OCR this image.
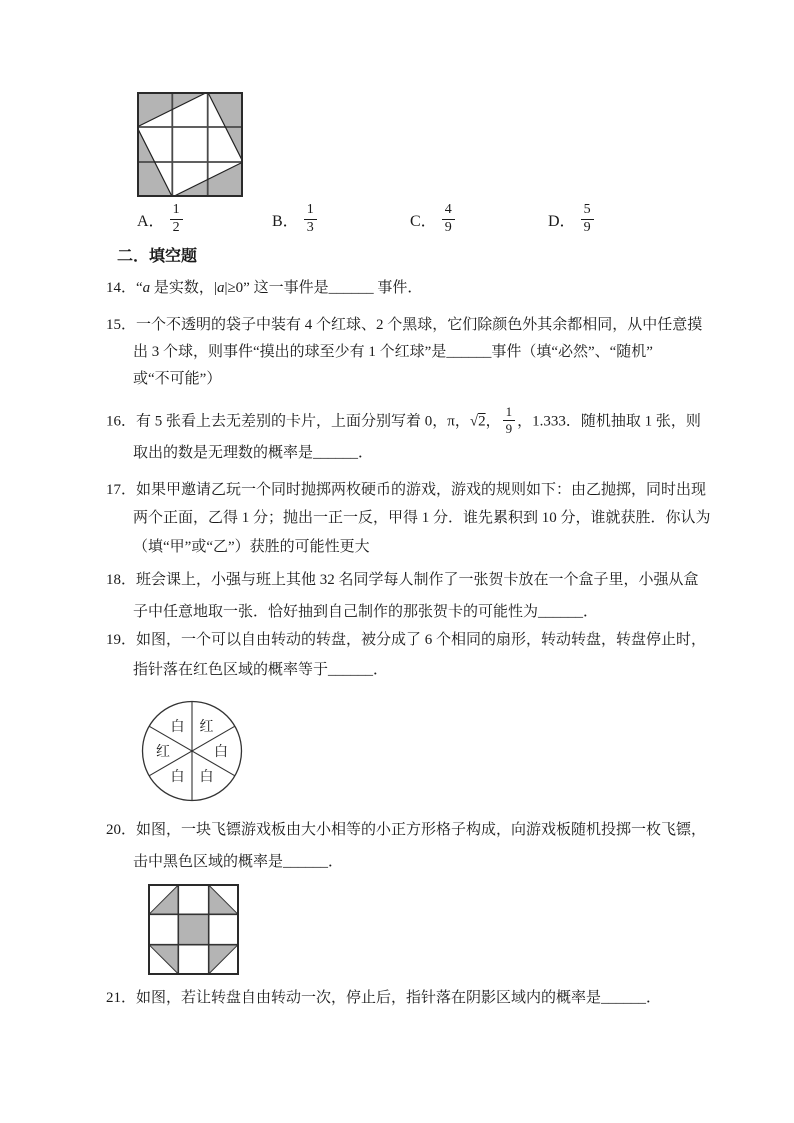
A． $\frac{1}{2}$	B． $\frac{1}{3}$	C． $\frac{4}{9}$	D． $\frac{5}{9}$
二．填空题
14．“a 是实数，|a|≥0” 这一事件是______ 事件．
15．一个不透明的袋子中装有 4 个红球、2 个黑球，它们除颜色外其余都相同，从中任意摸
出 3 个球，则事件“摸出的球至少有 1 个红球”是______事件（填“必然”、“随机”
或“不可能”）
16．有 5 张看上去无差别的卡片，上面分别写着 0，π，√2， $\frac{1}{9}$ ，1.333．随机抽取 1 张，则
取出的数是无理数的概率是______．
17．如果甲邀请乙玩一个同时抛掷两枚硬币的游戏，游戏的规则如下：由乙抛掷，同时出现
两个正面，乙得 1 分；抛出一正一反，甲得 1 分．谁先累积到 10 分，谁就获胜．你认为
（填“甲”或“乙”）获胜的可能性更大
18．班会课上，小强与班上其他 32 名同学每人制作了一张贺卡放在一个盒子里，小强从盒
子中任意地取一张．恰好抽到自己制作的那张贺卡的可能性为______．
19．如图，一个可以自由转动的转盘，被分成了 6 个相同的扇形，转动转盘，转盘停止时，
指针落在红色区域的概率等于______．
20．如图，一块飞镖游戏板由大小相等的小正方形格子构成，向游戏板随机投掷一枚飞镖，
击中黑色区域的概率是______．
21．如图，若让转盘自由转动一次，停止后，指针落在阴影区域内的概率是______．
红
白
红
白 白
白
